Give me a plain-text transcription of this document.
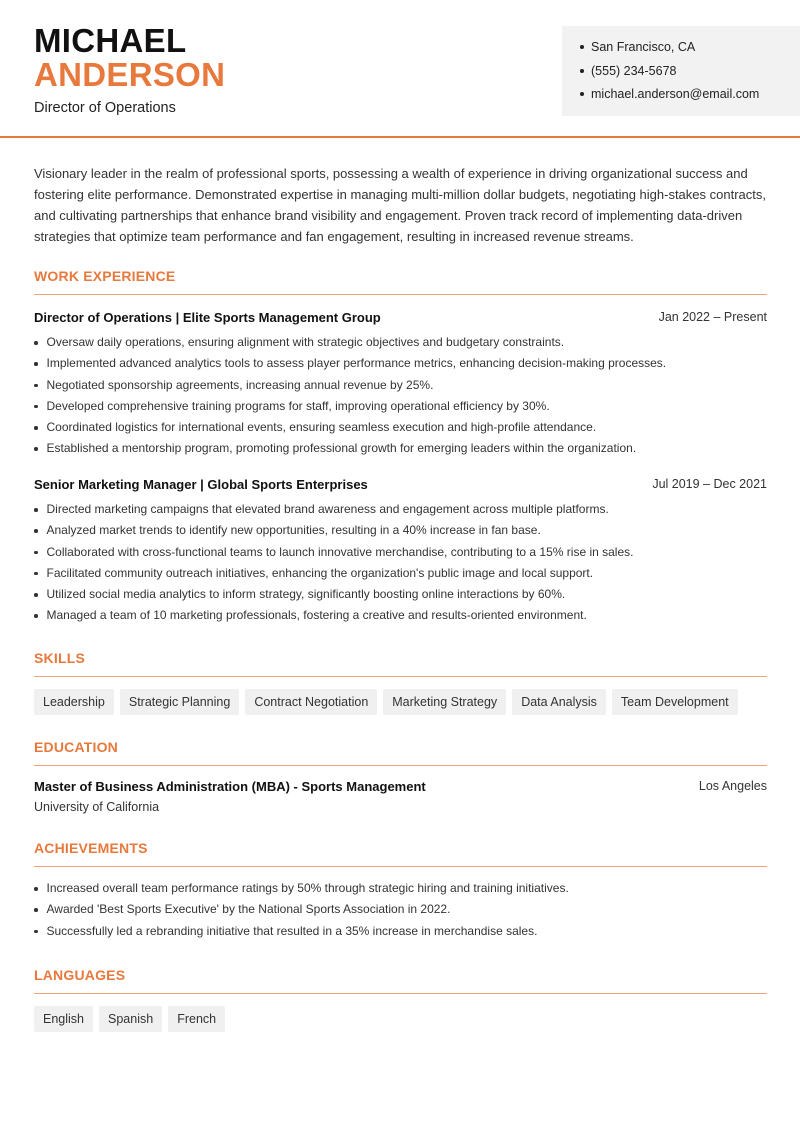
MICHAEL
ANDERSON
Director of Operations
San Francisco, CA
(555) 234-5678
michael.anderson@email.com

Visionary leader in the realm of professional sports, possessing a wealth of experience in driving organizational success and fostering elite performance. Demonstrated expertise in managing multi-million dollar budgets, negotiating high-stakes contracts, and cultivating partnerships that enhance brand visibility and engagement. Proven track record of implementing data-driven strategies that optimize team performance and fan engagement, resulting in increased revenue streams.

WORK EXPERIENCE
Director of Operations | Elite Sports Management Group	Jan 2022 – Present
Oversaw daily operations, ensuring alignment with strategic objectives and budgetary constraints.
Implemented advanced analytics tools to assess player performance metrics, enhancing decision-making processes.
Negotiated sponsorship agreements, increasing annual revenue by 25%.
Developed comprehensive training programs for staff, improving operational efficiency by 30%.
Coordinated logistics for international events, ensuring seamless execution and high-profile attendance.
Established a mentorship program, promoting professional growth for emerging leaders within the organization.
Senior Marketing Manager | Global Sports Enterprises	Jul 2019 – Dec 2021
Directed marketing campaigns that elevated brand awareness and engagement across multiple platforms.
Analyzed market trends to identify new opportunities, resulting in a 40% increase in fan base.
Collaborated with cross-functional teams to launch innovative merchandise, contributing to a 15% rise in sales.
Facilitated community outreach initiatives, enhancing the organization's public image and local support.
Utilized social media analytics to inform strategy, significantly boosting online interactions by 60%.
Managed a team of 10 marketing professionals, fostering a creative and results-oriented environment.
SKILLS
Leadership	Strategic Planning	Contract Negotiation	Marketing Strategy	Data Analysis	Team Development
EDUCATION
Master of Business Administration (MBA) - Sports Management	Los Angeles
University of California
ACHIEVEMENTS
Increased overall team performance ratings by 50% through strategic hiring and training initiatives.
Awarded 'Best Sports Executive' by the National Sports Association in 2022.
Successfully led a rebranding initiative that resulted in a 35% increase in merchandise sales.
LANGUAGES
English	Spanish	French
